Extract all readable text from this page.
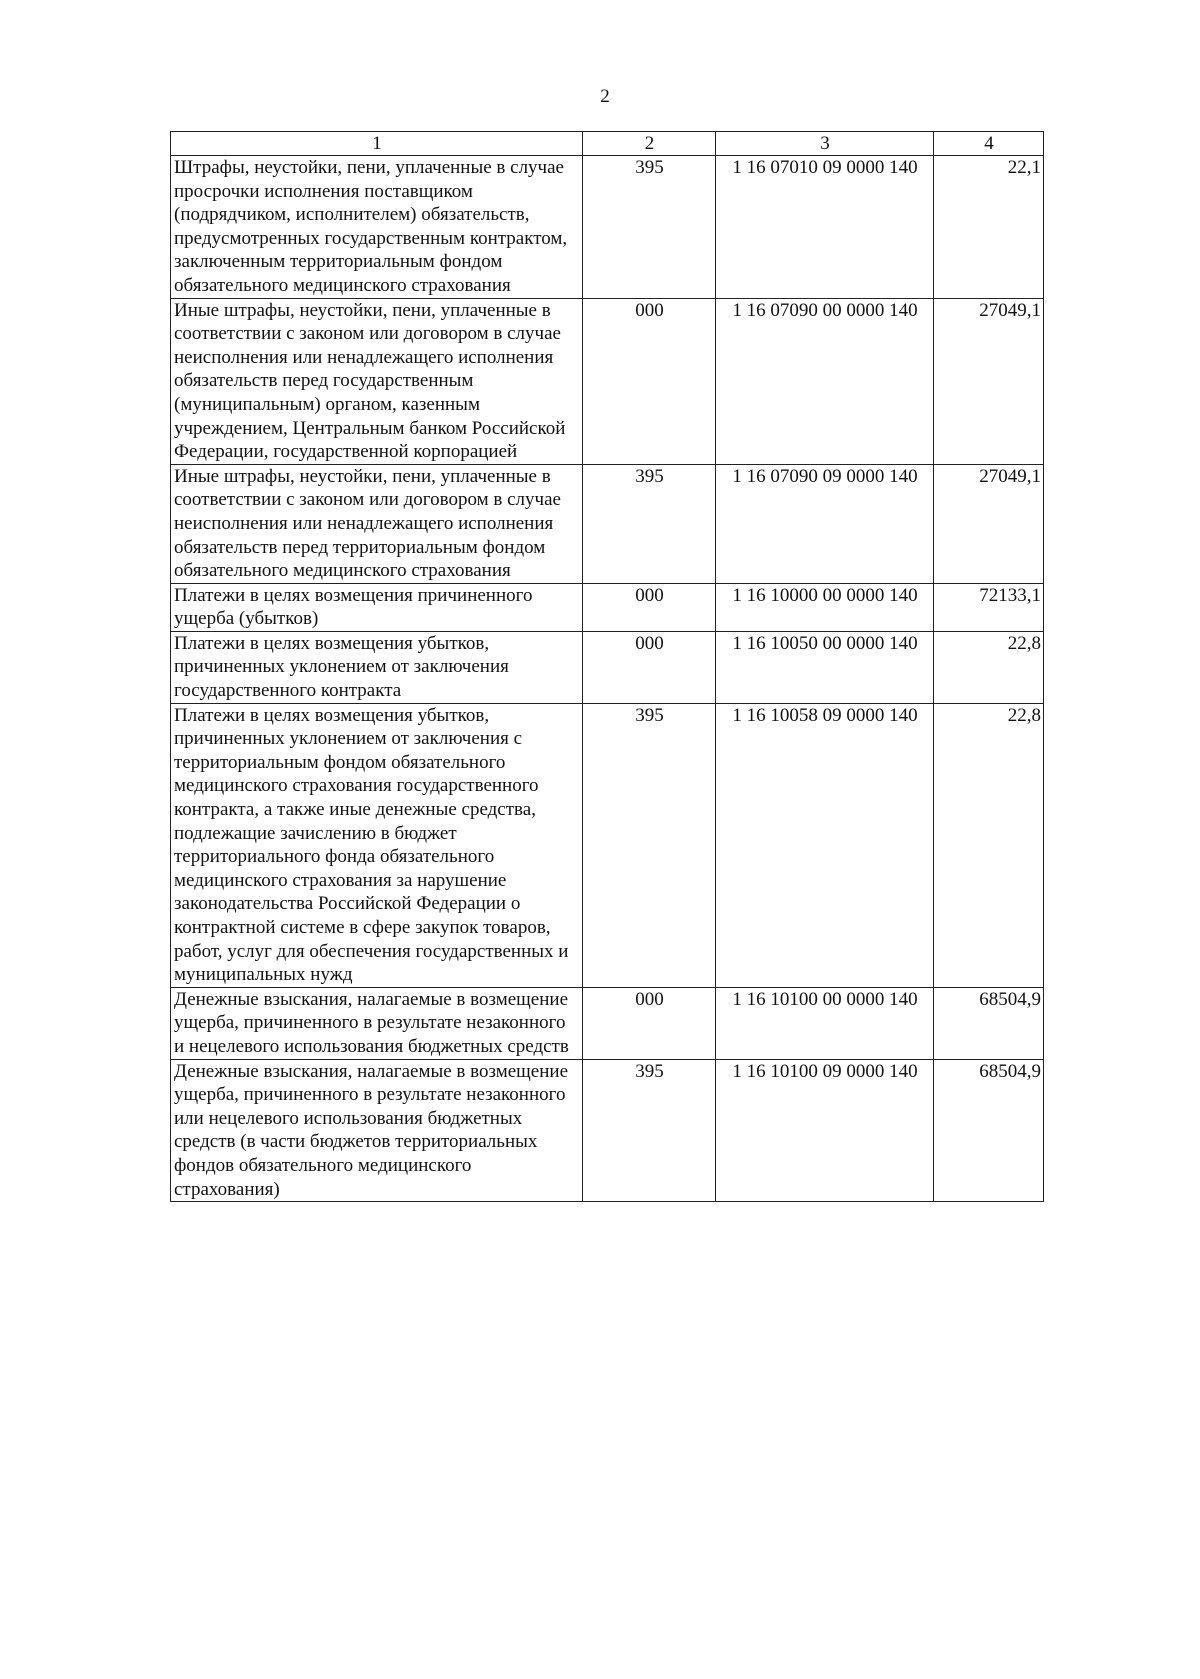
2
1	2	3	4
Штрафы, неустойки, пени, уплаченные в случае просрочки исполнения поставщиком (подрядчиком, исполнителем) обязательств, предусмотренных государственным контрактом, заключенным территориальным фондом обязательного медицинского страхования	395	1 16 07010 09 0000 140	22,1
Иные штрафы, неустойки, пени, уплаченные в соответствии с законом или договором в случае неисполнения или ненадлежащего исполнения обязательств перед государственным (муниципальным) органом, казенным учреждением, Центральным банком Российской Федерации, государственной корпорацией	000	1 16 07090 00 0000 140	27049,1
Иные штрафы, неустойки, пени, уплаченные в соответствии с законом или договором в случае неисполнения или ненадлежащего исполнения обязательств перед территориальным фондом обязательного медицинского страхования	395	1 16 07090 09 0000 140	27049,1
Платежи в целях возмещения причиненного ущерба (убытков)	000	1 16 10000 00 0000 140	72133,1
Платежи в целях возмещения убытков, причиненных уклонением от заключения государственного контракта	000	1 16 10050 00 0000 140	22,8
Платежи в целях возмещения убытков, причиненных уклонением от заключения с территориальным фондом обязательного медицинского страхования государственного контракта, а также иные денежные средства, подлежащие зачислению в бюджет территориального фонда обязательного медицинского страхования за нарушение законодательства Российской Федерации о контрактной системе в сфере закупок товаров, работ, услуг для обеспечения государственных и муниципальных нужд	395	1 16 10058 09 0000 140	22,8
Денежные взыскания, налагаемые в возмещение ущерба, причиненного в результате незаконного и нецелевого использования бюджетных средств	000	1 16 10100 00 0000 140	68504,9
Денежные взыскания, налагаемые в возмещение ущерба, причиненного в результате незаконного или нецелевого использования бюджетных средств (в части бюджетов территориальных фондов обязательного медицинского страхования)	395	1 16 10100 09 0000 140	68504,9
